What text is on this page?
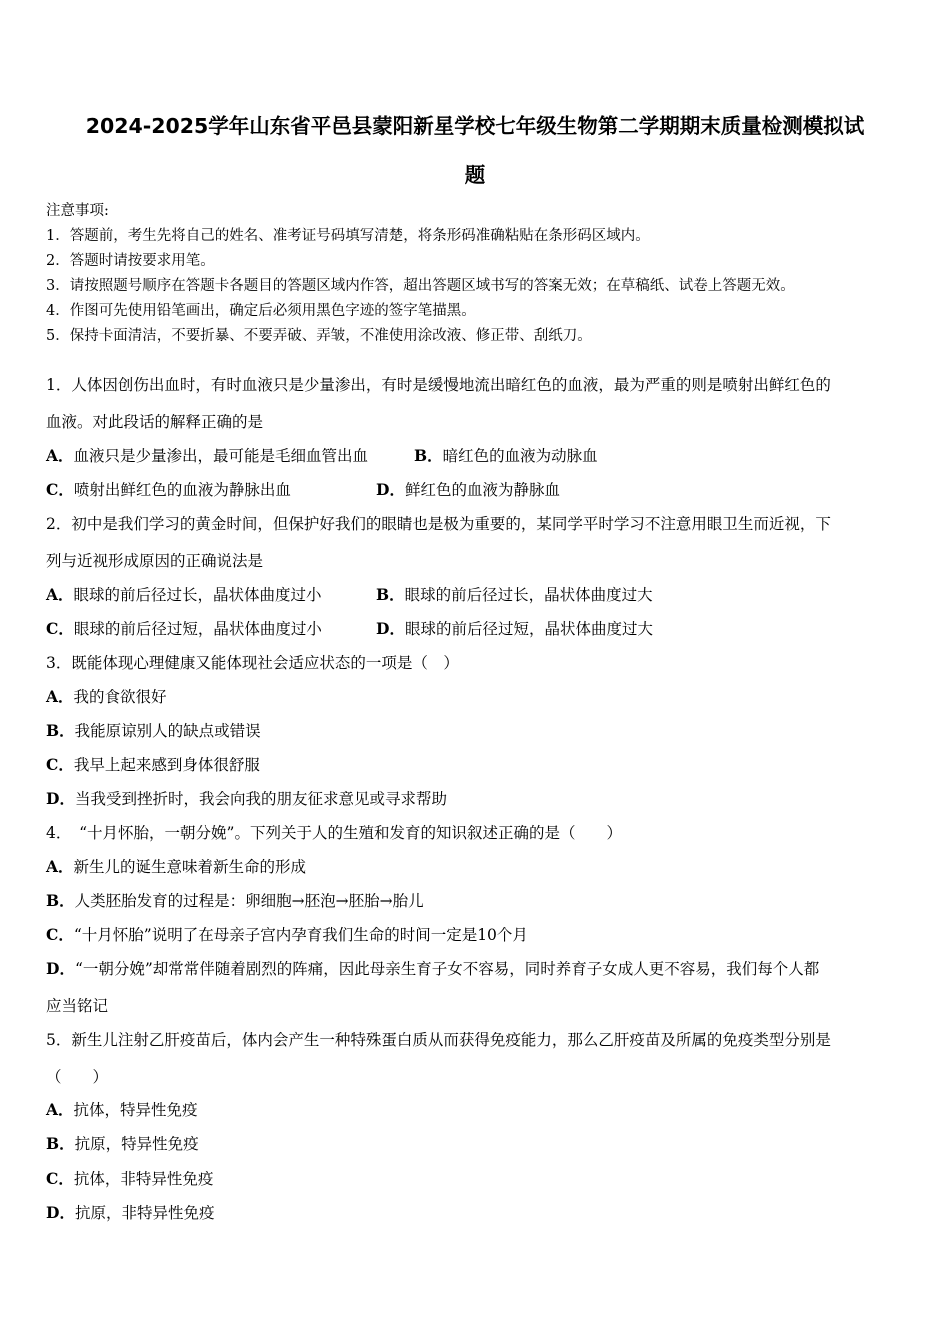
2024-2025学年山东省平邑县蒙阳新星学校七年级生物第二学期期末质量检测模拟试
题
注意事项:
1．答题前，考生先将自己的姓名、准考证号码填写清楚，将条形码准确粘贴在条形码区域内。
2．答题时请按要求用笔。
3．请按照题号顺序在答题卡各题目的答题区域内作答，超出答题区域书写的答案无效；在草稿纸、试卷上答题无效。
4．作图可先使用铅笔画出，确定后必须用黑色字迹的签字笔描黑。
5．保持卡面清洁，不要折暴、不要弄破、弄皱，不准使用涂改液、修正带、刮纸刀。
1．人体因创伤出血时，有时血液只是少量渗出，有时是缓慢地流出暗红色的血液，最为严重的则是喷射出鲜红色的
血液。对此段话的解释正确的是
A．血液只是少量渗出，最可能是毛细血管出血	B．暗红色的血液为动脉血
C．喷射出鲜红色的血液为静脉出血	D．鲜红色的血液为静脉血
2．初中是我们学习的黄金时间，但保护好我们的眼睛也是极为重要的，某同学平时学习不注意用眼卫生而近视，下
列与近视形成原因的正确说法是
A．眼球的前后径过长，晶状体曲度过小	B．眼球的前后径过长，晶状体曲度过大
C．眼球的前后径过短，晶状体曲度过小	D．眼球的前后径过短，晶状体曲度过大
3．既能体现心理健康又能体现社会适应状态的一项是（　）
A．我的食欲很好
B．我能原谅别人的缺点或错误
C．我早上起来感到身体很舒服
D．当我受到挫折时，我会向我的朋友征求意见或寻求帮助
4．　“十月怀胎，一朝分娩”。下列关于人的生殖和发育的知识叙述正确的是（　　）
A．新生儿的诞生意味着新生命的形成
B．人类胚胎发育的过程是：卵细胞→胚泡→胚胎→胎儿
C．“十月怀胎”说明了在母亲子宫内孕育我们生命的时间一定是10个月
D．“一朝分娩”却常常伴随着剧烈的阵痛，因此母亲生育子女不容易，同时养育子女成人更不容易，我们每个人都
应当铭记
5．新生儿注射乙肝疫苗后，体内会产生一种特殊蛋白质从而获得免疫能力，那么乙肝疫苗及所属的免疫类型分别是
（　　）
A．抗体，特异性免疫
B．抗原，特异性免疫
C．抗体，非特异性免疫
D．抗原，非特异性免疫
